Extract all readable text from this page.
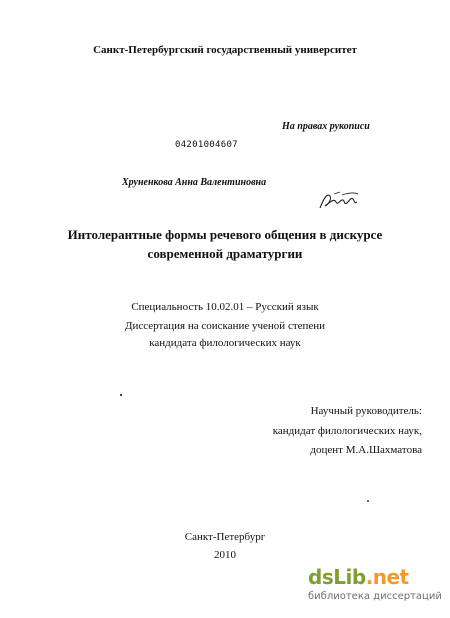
Санкт-Петербургский государственный университет
На правах рукописи
04201004607
Хруненкова Анна Валентиновна
Интолерантные формы речевого общения в дискурсе
современной драматургии
Специальность 10.02.01 – Русский язык
Диссертация на соискание ученой степени
кандидата филологических наук
Научный руководитель:
кандидат филологических наук,
доцент М.А.Шахматова
Санкт-Петербург
2010
dsLib.net
библиотека диссертаций
